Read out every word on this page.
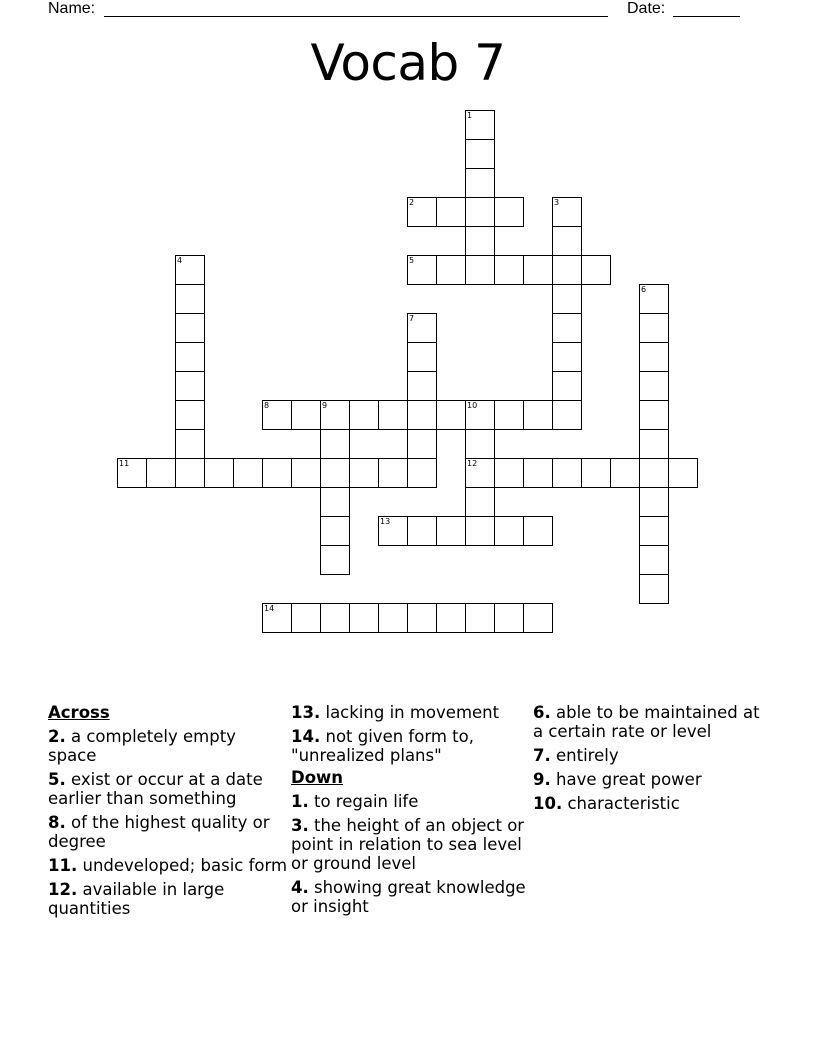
Name:	Date:
Vocab 7
1
2	3
4	5
6
7
8	9	10
12
11
13
14
Across
2. a completely empty space
5. exist or occur at a date earlier than something
8. of the highest quality or degree
11. undeveloped; basic form
12. available in large quantities
13. lacking in movement
14. not given form to, "unrealized plans"
Down
1. to regain life
3. the height of an object or point in relation to sea level or ground level
4. showing great knowledge or insight
6. able to be maintained at a certain rate or level
7. entirely
9. have great power
10. characteristic
